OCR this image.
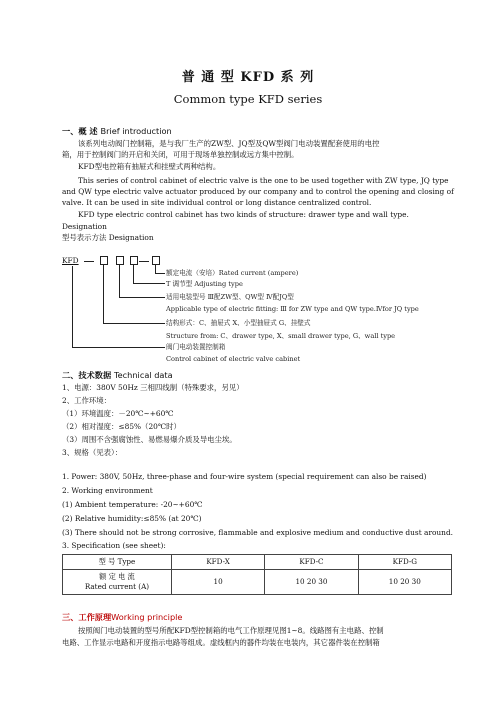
普 通 型 KFD 系 列
Common type KFD series
一、概 述 Brief introduction
该系列电动阀门控制箱，是与我厂生产的ZW型、JQ型及QW型阀门电动装置配套使用的电控
箱，用于控制阀门的开启和关闭，可用于现场单独控制或远方集中控制。
KFD型电控箱有抽屉式和挂壁式两种结构。
This series of control cabinet of electric valve is the one to be used together with ZW type, JQ type
and QW type electric valve actuator produced by our company and to control the opening and closing of
valve. It can be used in site individual control or long distance centralized control.
KFD type electric control cabinet has two kinds of structure: drawer type and wall type.
Designation
型号表示方法 Designation
KFD
额定电流（安培）Rated current (ampere)
T 调节型 Adjusting type
适用电装型号 Ⅲ配ZW型、QW型 Ⅳ配JQ型
Applicable type of electric fitting: Ⅲ for ZW type and QW type.Ⅳfor JQ type
结构形式：C、抽屉式 X、小型抽屉式 G、挂壁式
Structure from: C、drawer type, X、small drawer type, G、wall type
阀门电动装置控制箱
Control cabinet of electric valve cabinet
二、技术数据 Technical data
1、电源：380V 50Hz 三相四线制（特殊要求，另见）
2、工作环境：
（1）环境温度：－20℃~+60℃
（2）相对湿度：≤85%（20℃时）
（3）周围不含强腐蚀性、易燃易爆介质及导电尘埃。
3、规格（见表）：
1. Power: 380V, 50Hz, three-phase and four-wire system (special requirement can also be raised)
2. Working environment
(1) Ambient temperature: -20~+60℃
(2) Relative humidity:≤85% (at 20℃)
(3) There should not be strong corrosive, flammable and explosive medium and conductive dust around.
3. Specification (see sheet):
型 号 Type	KFD-X	KFD-C	KFD-G

额 定 电 流
Rated current (A)	10	10 20 30	10 20 30
三、工作原理Working principle
按照阀门电动装置的型号所配KFD型控制箱的电气工作原理见图1~8。线路图有主电路、控制
电路、工作显示电路和开度指示电路等组成。虚线框内的器件均装在电装内，其它器件装在控制箱
